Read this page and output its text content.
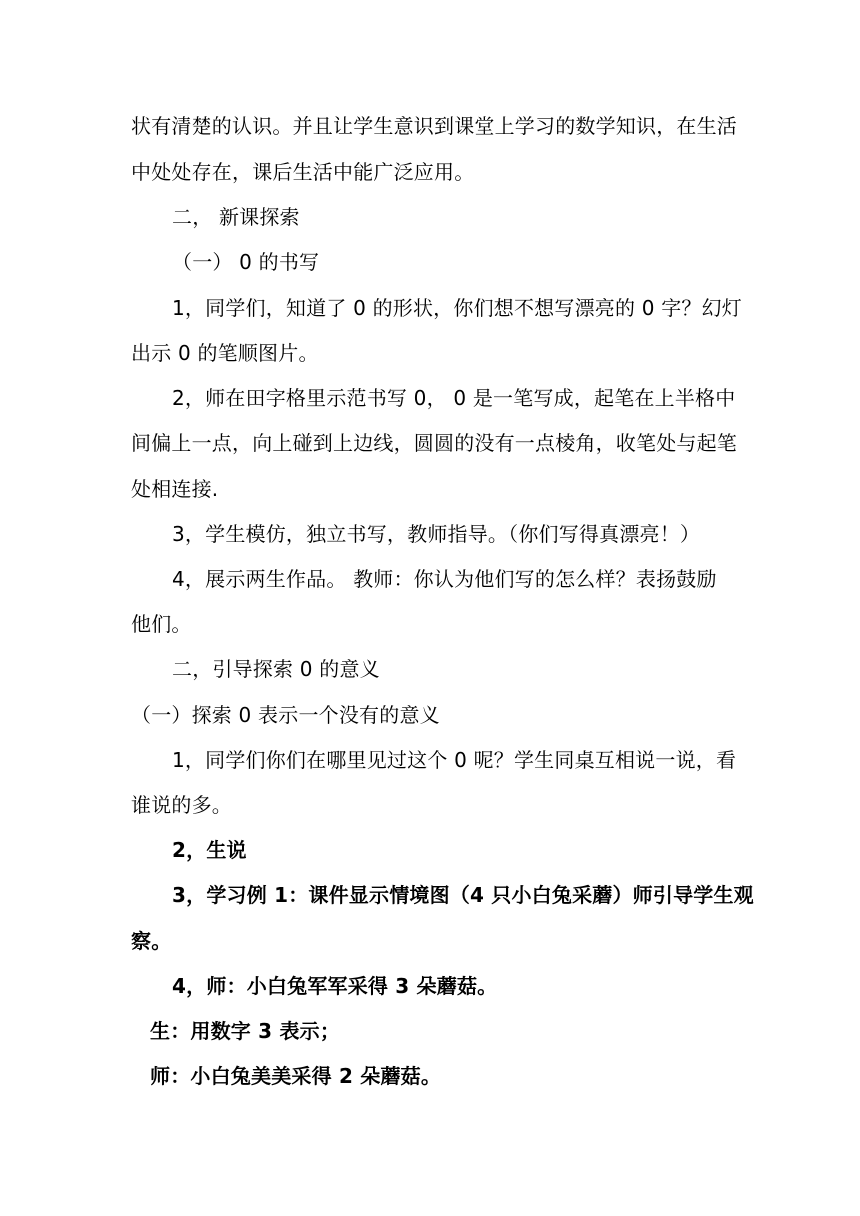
状有清楚的认识。并且让学生意识到课堂上学习的数学知识，在生活
中处处存在，课后生活中能广泛应用。
二， 新课探索
（一） 0 的书写
1，同学们，知道了 0 的形状，你们想不想写漂亮的 0 字？幻灯
出示 0 的笔顺图片。
2，师在田字格里示范书写 0， 0 是一笔写成，起笔在上半格中
间偏上一点，向上碰到上边线，圆圆的没有一点棱角，收笔处与起笔
处相连接.
3，学生模仿，独立书写，教师指导。（你们写得真漂亮！）
4，展示两生作品。 教师：你认为他们写的怎么样？表扬鼓励
他们。
二，引导探索 0 的意义
（一）探索 0 表示一个没有的意义
1，同学们你们在哪里见过这个 0 呢？学生同桌互相说一说，看
谁说的多。
2，生说
3，学习例 1：课件显示情境图（4 只小白兔采蘑）师引导学生观
察。
4，师：小白兔军军采得 3 朵蘑菇。
生：用数字 3 表示；
师：小白兔美美采得 2 朵蘑菇。
